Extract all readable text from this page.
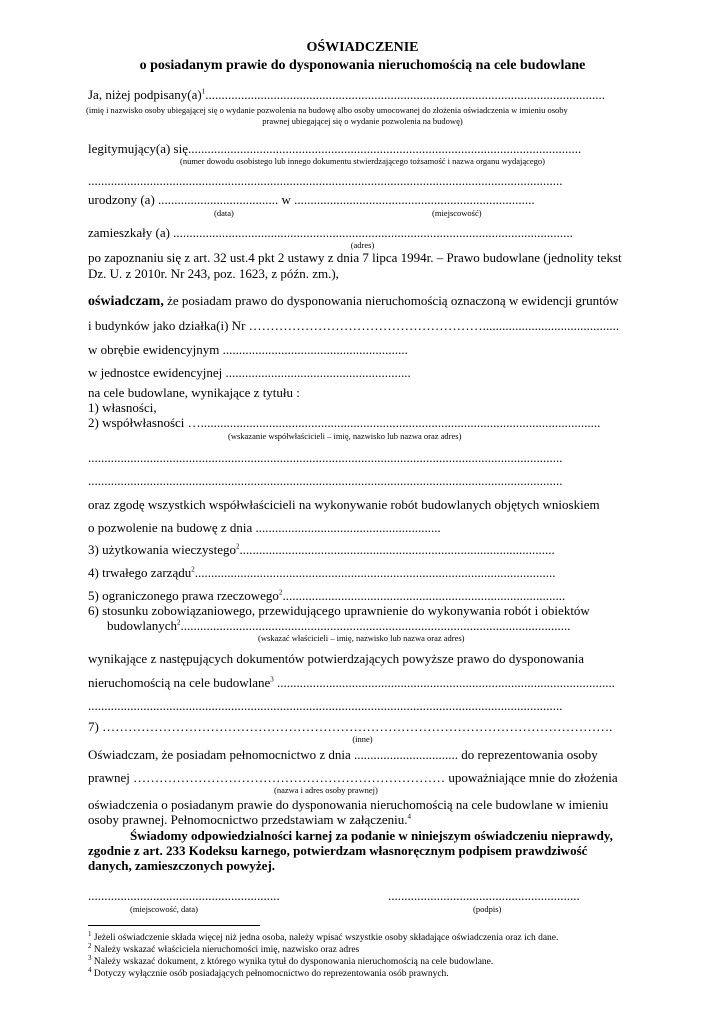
OŚWIADCZENIE
o posiadanym prawie do dysponowania nieruchomością na cele budowlane
Ja, niżej $podpisany(a)^1$...........................................................................................................................
(imię i nazwisko osoby ubiegającej się o wydanie pozwolenia na budowę albo osoby umocowanej do złożenia oświadczenia w imieniu osoby
prawnej ubiegającej się o wydanie pozwolenia na budowę)
legitymujący(a) się.........................................................................................................................
(numer dowodu osobistego lub innego dokumentu stwierdzającego tożsamość i nazwa organu wydającego)
..................................................................................................................................................
urodzony (a) ..................................... w ..........................................................................
(data)	(miejscowość)
zamieszkały (a) ...........................................................................................................................
(adres)
po zapoznaniu się z art. 32 ust.4 pkt 2 ustawy z dnia 7 lipca 1994r. – Prawo budowlane (jednolity tekst
Dz. U. z 2010r. Nr 243, poz. 1623, z późn. zm.),
oświadczam, że posiadam prawo do dysponowania nieruchomością oznaczoną w ewidencji gruntów
i budynków jako działka(i) Nr ………………………………………………..........................................
w obrębie ewidencyjnym .........................................................
w jednostce ewidencyjnej .........................................................
na cele budowlane, wynikające z tytułu :
1) własności,
2) współwłasności …...........................................................................................................................
(wskazanie współwłaścicieli – imię, nazwisko lub nazwa oraz adres)
..................................................................................................................................................
..................................................................................................................................................
oraz zgodę wszystkich współwłaścicieli na wykonywanie robót budowlanych objętych wnioskiem
o pozwolenie na budowę z dnia .........................................................
3) użytkowania wieczystego$^2$.................................................................................................
4) trwałego zarządu$^2$...............................................................................................................
5) ograniczonego prawa rzeczowego$^2$.......................................................................................
6) stosunku zobowiązaniowego, przewidującego uprawnienie do wykonywania robót i obiektów
budowlanych$^2$........................................................................................................................
(wskazać właścicieli – imię, nazwisko lub nazwa oraz adres)
wynikające z następujących dokumentów potwierdzających powyższe prawo do dysponowania
nieruchomością na cele budowlane$^3$ ........................................................................................................
..................................................................................................................................................
7) ……………………………………………………………………………………………………….
(inne)
Oświadczam, że posiadam pełnomocnictwo z dnia ................................ do reprezentowania osoby
prawnej ……………………………………………………………… upoważniające mnie do złożenia
(nazwa i adres osoby prawnej)
oświadczenia o posiadanym prawie do dysponowania nieruchomością na cele budowlane w imieniu
osoby prawnej. Pełnomocnictwo przedstawiam w załączeniu.$^4$
Świadomy odpowiedzialności karnej za podanie w niniejszym oświadczeniu nieprawdy,
zgodnie z art. 233 Kodeksu karnego, potwierdzam własnoręcznym podpisem prawdziwość
danych, zamieszczonych powyżej.
...........................................................	...........................................................
(miejscowość, data)	(podpis)
$^1$ Jeżeli oświadczenie składa więcej niż jedna osoba, należy wpisać wszystkie osoby składające oświadczenia oraz ich dane.
$^2$ Należy wskazać właściciela nieruchomości imię, nazwisko oraz adres
$^3$ Należy wskazać dokument, z którego wynika tytuł do dysponowania nieruchomością na cele budowlane.
$^4$ Dotyczy wyłącznie osób posiadających pełnomocnictwo do reprezentowania osób prawnych.
